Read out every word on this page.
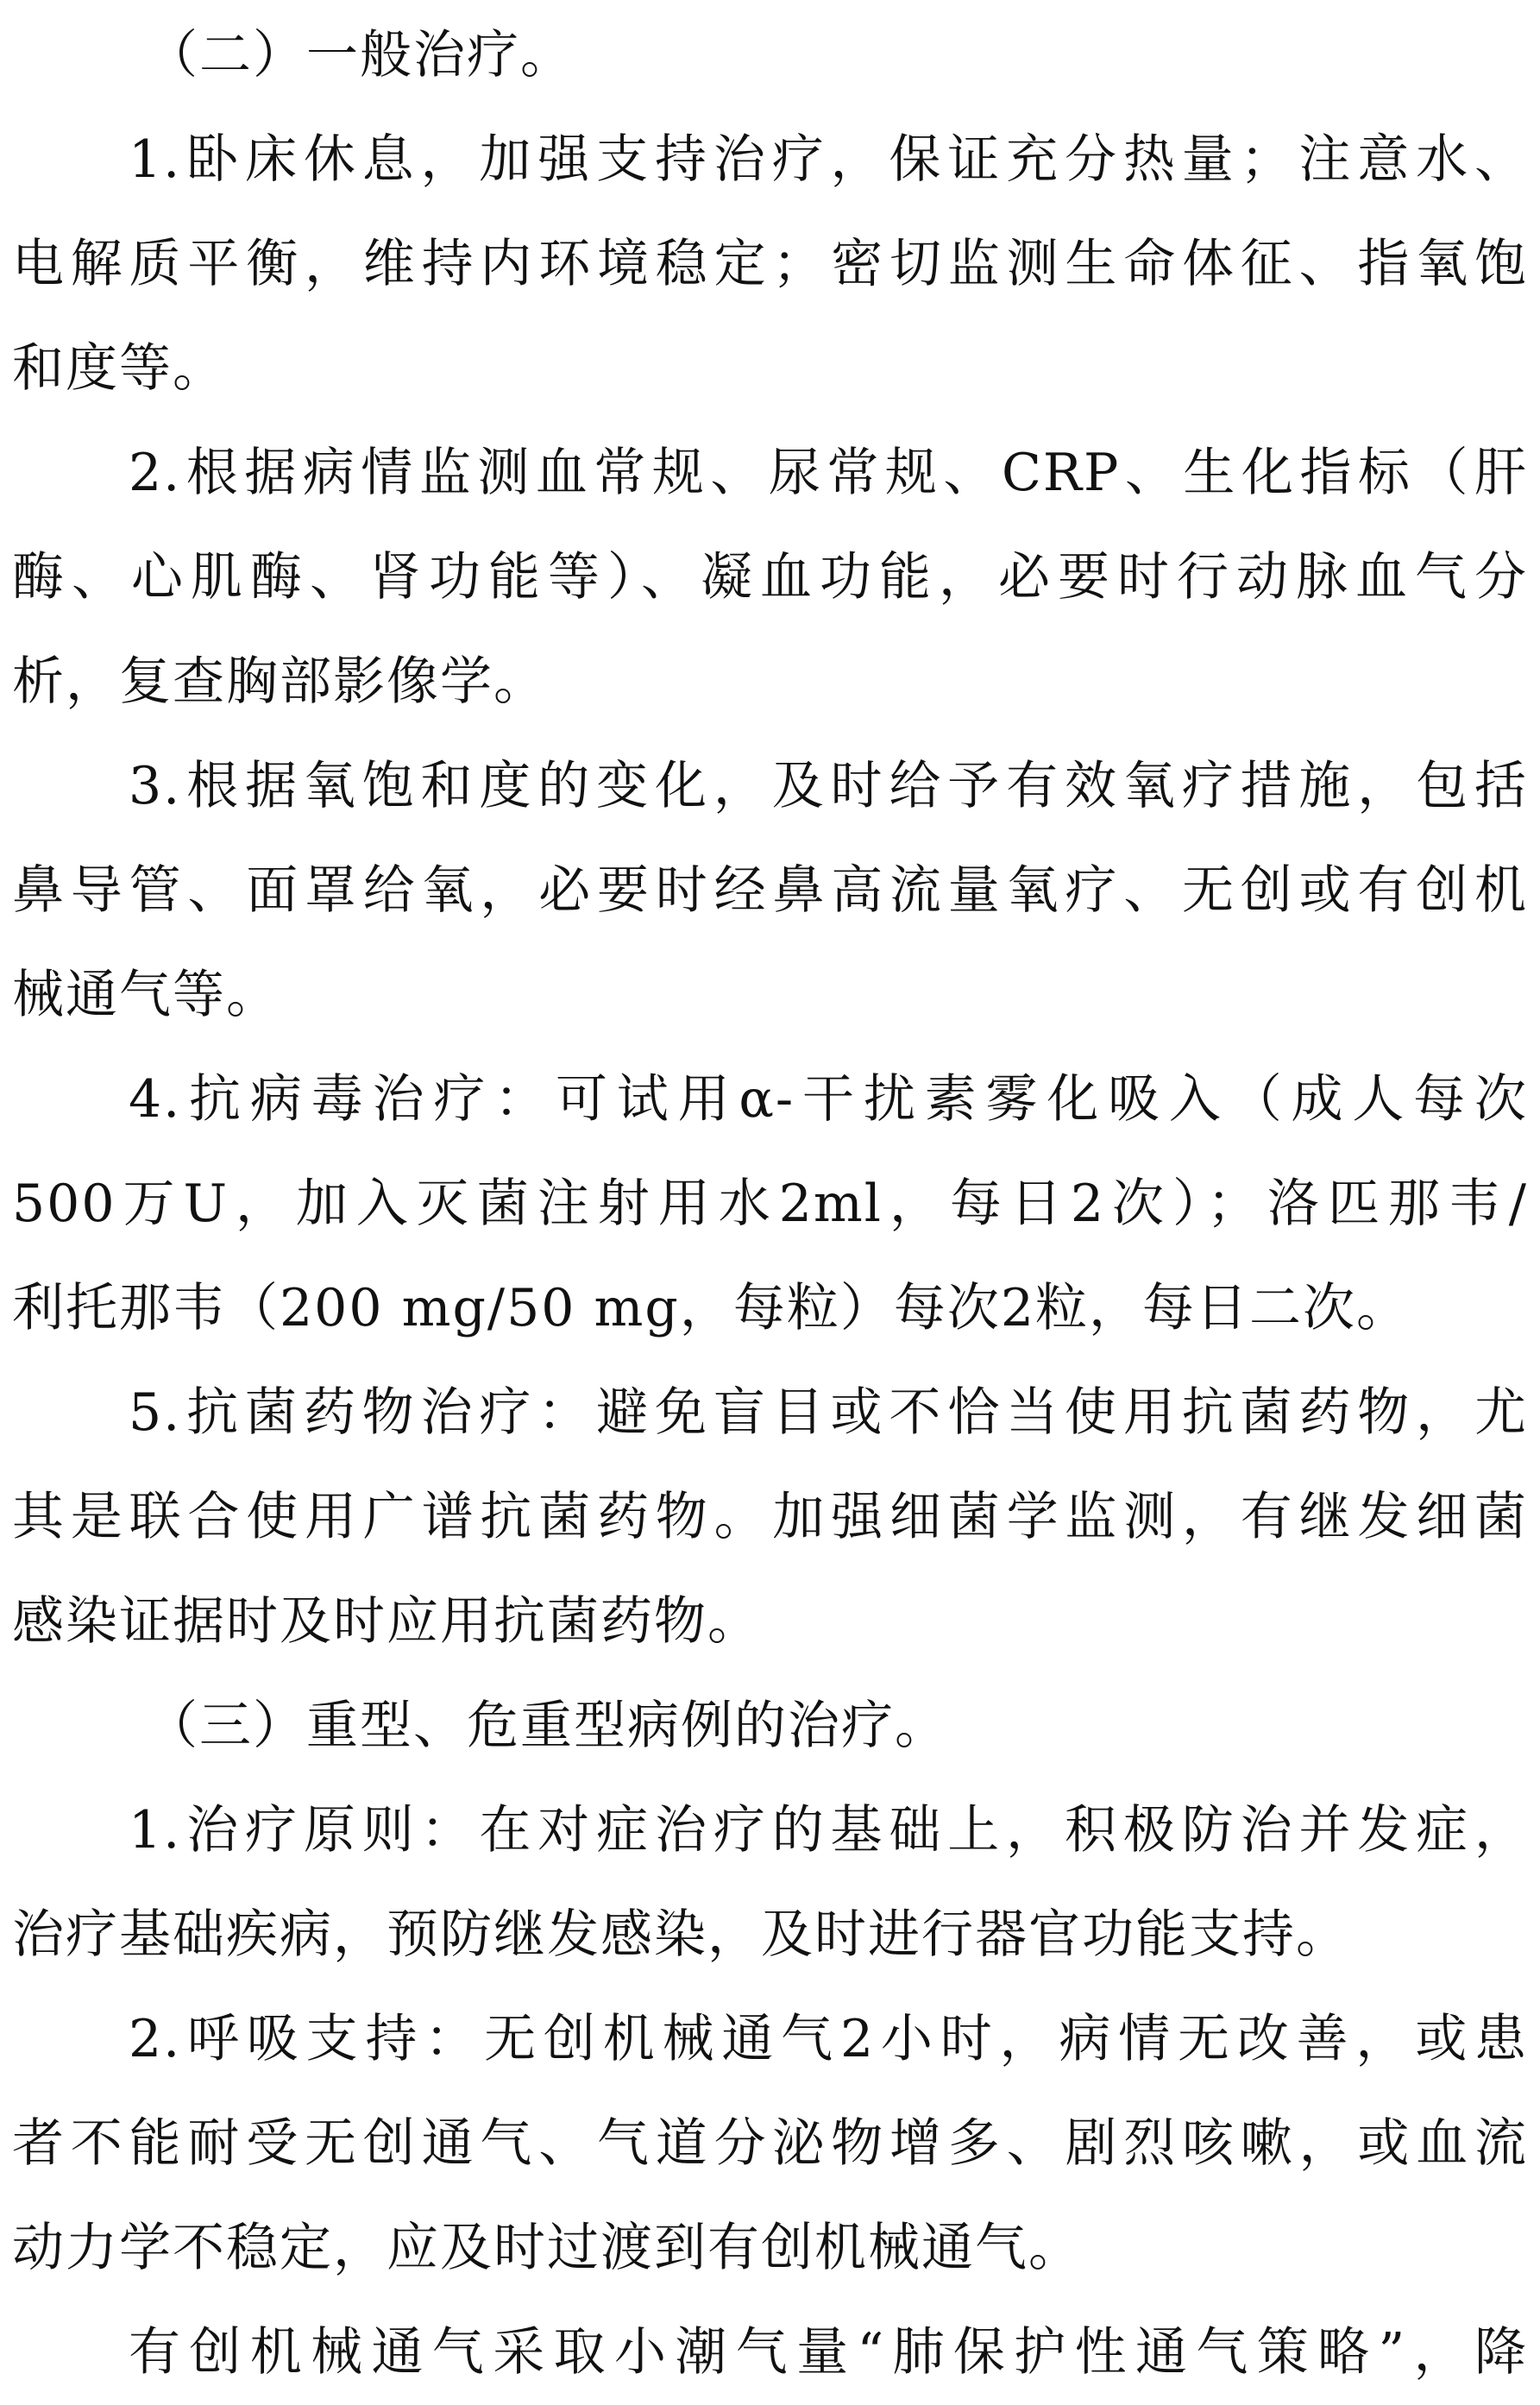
（二）一般治疗。
1.卧床休息，加强支持治疗，保证充分热量；注意水、
电解质平衡，维持内环境稳定；密切监测生命体征、指氧饱
和度等。
2.根据病情监测血常规、尿常规、CRP、生化指标（肝
酶、心肌酶、肾功能等）、凝血功能，必要时行动脉血气分
析，复查胸部影像学。
3.根据氧饱和度的变化，及时给予有效氧疗措施，包括
鼻导管、面罩给氧，必要时经鼻高流量氧疗、无创或有创机
械通气等。
4.抗病毒治疗：可试用α-干扰素雾化吸入（成人每次
500万U，加入灭菌注射用水2ml，每日2次）；洛匹那韦/
利托那韦（200 mg/50 mg，每粒）每次2粒，每日二次。
5.抗菌药物治疗：避免盲目或不恰当使用抗菌药物，尤
其是联合使用广谱抗菌药物。加强细菌学监测，有继发细菌
感染证据时及时应用抗菌药物。
（三）重型、危重型病例的治疗。
1.治疗原则：在对症治疗的基础上，积极防治并发症，
治疗基础疾病，预防继发感染，及时进行器官功能支持。
2.呼吸支持：无创机械通气2小时，病情无改善，或患
者不能耐受无创通气、气道分泌物增多、剧烈咳嗽，或血流
动力学不稳定，应及时过渡到有创机械通气。
有创机械通气采取小潮气量“肺保护性通气策略”，降
